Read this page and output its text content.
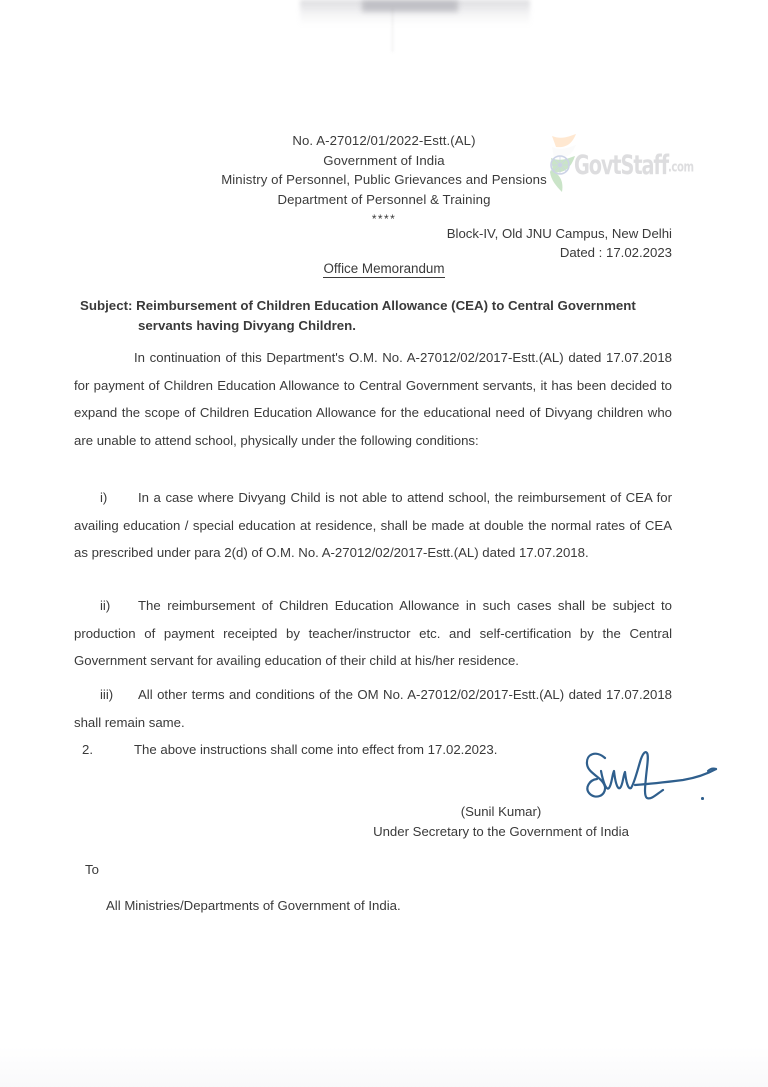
No. A-27012/01/2022-Estt.(AL)
Government of India
Ministry of Personnel, Public Grievances and Pensions
Department of Personnel & Training
****
GovtStaff.com
Block-IV, Old JNU Campus, New Delhi
Dated : 17.02.2023
Office Memorandum
Subject: Reimbursement of Children Education Allowance (CEA) to Central Government
servants having Divyang Children.
In continuation of this Department's O.M. No. A-27012/02/2017-Estt.(AL) dated 17.07.2018 for payment of Children Education Allowance to Central Government servants, it has been decided to expand the scope of Children Education Allowance for the educational need of Divyang children who are unable to attend school, physically under the following conditions:
i) In a case where Divyang Child is not able to attend school, the reimbursement of CEA for availing education / special education at residence, shall be made at double the normal rates of CEA as prescribed under para 2(d) of O.M. No. A-27012/02/2017-Estt.(AL) dated 17.07.2018.
ii) The reimbursement of Children Education Allowance in such cases shall be subject to production of payment receipted by teacher/instructor etc. and self-certification by the Central Government servant for availing education of their child at his/her residence.
iii) All other terms and conditions of the OM No. A-27012/02/2017-Estt.(AL) dated 17.07.2018 shall remain same.
2.	The above instructions shall come into effect from 17.02.2023.
(Sunil Kumar)
Under Secretary to the Government of India
To
All Ministries/Departments of Government of India.
